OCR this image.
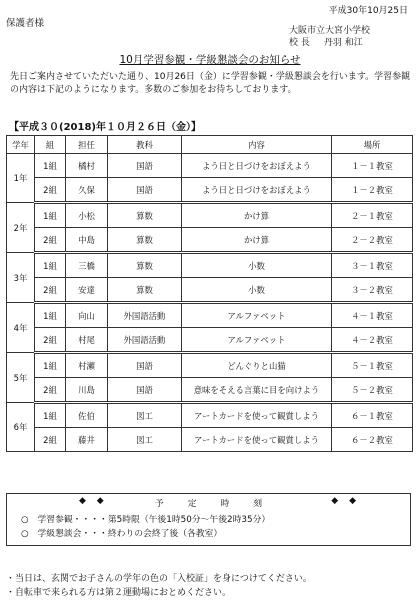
平成30年10月25日
保護者様
大阪市立大宮小学校
校 長 丹羽 和江
10月学習参観・学級懇談会のお知らせ
先日ご案内させていただいた通り、10月26日（金）に学習参観・学級懇談会を行います。学習参観の内容は下記のようになります。多数のご参加をお待ちしております。
【平成３０(2018)年１０月２６日（金）】
学年	組	担任	教科	内容	場所
1年	1組	橘村	国語	よう日と日づけをおぼえよう	１－１教室
	2組	久保	国語	よう日と日づけをおぼえよう	１－２教室
2年	1組	小松	算数	かけ算	２－１教室
	2組	中島	算数	かけ算	２－２教室
3年	1組	三橋	算数	小数	３－１教室
	2組	安達	算数	小数	３－２教室
4年	1組	向山	外国語活動	アルファベット	４－１教室
	2組	村尾	外国語活動	アルファベット	４－２教室
5年	1組	村瀬	国語	どんぐりと山猫	５－１教室
	2組	川島	国語	意味をそえる言葉に目を向けよう	５－２教室
6年	1組	佐伯	図工	アートカードを使って観賞しよう	６－１教室
	2組	藤井	図工	アートカードを使って観賞しよう	６－２教室
◆ ◆	予定時刻	◆ ◆
○　学習参観・・・・第5時限（午後1時50分～午後2時35分）
○　学級懇談会・・・終わりの会終了後（各教室）
・当日は、玄関でお子さんの学年の色の「入校証」を身につけてください。
・自転車で来られる方は第２運動場におとめください。
